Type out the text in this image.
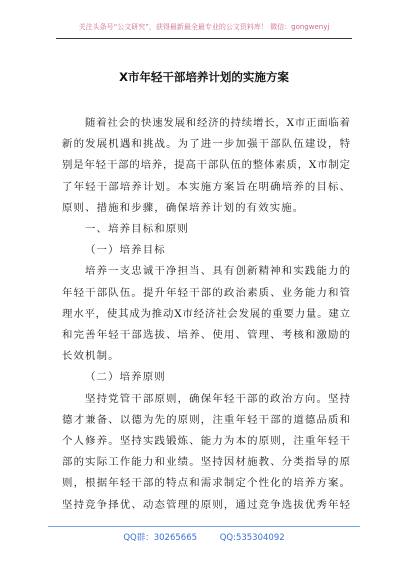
关注头条号“公文研究”，获得最新最全最专业的公文资料库！ 微信：gongwenyj
X市年轻干部培养计划的实施方案
随着社会的快速发展和经济的持续增长，X市正面临着
新的发展机遇和挑战。为了进一步加强干部队伍建设，特
别是年轻干部的培养，提高干部队伍的整体素质，X市制定
了年轻干部培养计划。本实施方案旨在明确培养的目标、
原则、措施和步骤，确保培养计划的有效实施。
一、培养目标和原则
（一）培养目标
培养一支忠诚干净担当、具有创新精神和实践能力的
年轻干部队伍。提升年轻干部的政治素质、业务能力和管
理水平，使其成为推动X市经济社会发展的重要力量。建立
和完善年轻干部选拔、培养、使用、管理、考核和激励的
长效机制。
（二）培养原则
坚持党管干部原则，确保年轻干部的政治方向。坚持
德才兼备、以德为先的原则，注重年轻干部的道德品质和
个人修养。坚持实践锻炼、能力为本的原则，注重年轻干
部的实际工作能力和业绩。坚持因材施教、分类指导的原
则，根据年轻干部的特点和需求制定个性化的培养方案。
坚持竞争择优、动态管理的原则，通过竞争选拔优秀年轻
QQ群：30265665	QQ:535304092
